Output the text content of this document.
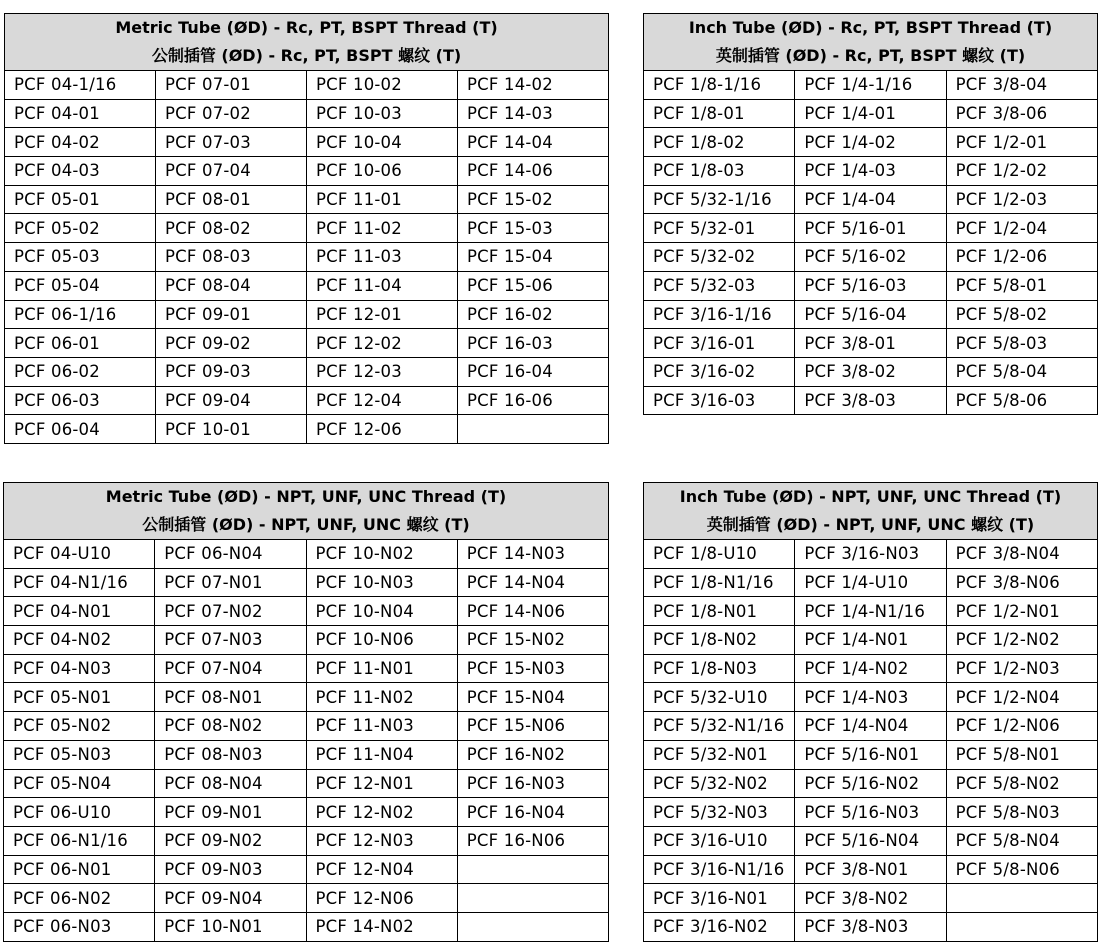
Metric Tube (ØD) - Rc, PT, BSPT Thread (T)
公制插管 (ØD) - Rc, PT, BSPT 螺纹 (T)			

PCF 04-1/16	PCF 07-01	PCF 10-02	PCF 14-02
PCF 04-01	PCF 07-02	PCF 10-03	PCF 14-03
PCF 04-02	PCF 07-03	PCF 10-04	PCF 14-04
PCF 04-03	PCF 07-04	PCF 10-06	PCF 14-06
PCF 05-01	PCF 08-01	PCF 11-01	PCF 15-02
PCF 05-02	PCF 08-02	PCF 11-02	PCF 15-03
PCF 05-03	PCF 08-03	PCF 11-03	PCF 15-04
PCF 05-04	PCF 08-04	PCF 11-04	PCF 15-06
PCF 06-1/16	PCF 09-01	PCF 12-01	PCF 16-02
PCF 06-01	PCF 09-02	PCF 12-02	PCF 16-03
PCF 06-02	PCF 09-03	PCF 12-03	PCF 16-04
PCF 06-03	PCF 09-04	PCF 12-04	PCF 16-06
PCF 06-04	PCF 10-01	PCF 12-06	
Inch Tube (ØD) - Rc, PT, BSPT Thread (T)
英制插管 (ØD) - Rc, PT, BSPT 螺纹 (T)		

PCF 1/8-1/16	PCF 1/4-1/16	PCF 3/8-04
PCF 1/8-01	PCF 1/4-01	PCF 3/8-06
PCF 1/8-02	PCF 1/4-02	PCF 1/2-01
PCF 1/8-03	PCF 1/4-03	PCF 1/2-02
PCF 5/32-1/16	PCF 1/4-04	PCF 1/2-03
PCF 5/32-01	PCF 5/16-01	PCF 1/2-04
PCF 5/32-02	PCF 5/16-02	PCF 1/2-06
PCF 5/32-03	PCF 5/16-03	PCF 5/8-01
PCF 3/16-1/16	PCF 5/16-04	PCF 5/8-02
PCF 3/16-01	PCF 3/8-01	PCF 5/8-03
PCF 3/16-02	PCF 3/8-02	PCF 5/8-04
PCF 3/16-03	PCF 3/8-03	PCF 5/8-06
Metric Tube (ØD) - NPT, UNF, UNC Thread (T)
公制插管 (ØD) - NPT, UNF, UNC 螺纹 (T)			

PCF 04-U10	PCF 06-N04	PCF 10-N02	PCF 14-N03
PCF 04-N1/16	PCF 07-N01	PCF 10-N03	PCF 14-N04
PCF 04-N01	PCF 07-N02	PCF 10-N04	PCF 14-N06
PCF 04-N02	PCF 07-N03	PCF 10-N06	PCF 15-N02
PCF 04-N03	PCF 07-N04	PCF 11-N01	PCF 15-N03
PCF 05-N01	PCF 08-N01	PCF 11-N02	PCF 15-N04
PCF 05-N02	PCF 08-N02	PCF 11-N03	PCF 15-N06
PCF 05-N03	PCF 08-N03	PCF 11-N04	PCF 16-N02
PCF 05-N04	PCF 08-N04	PCF 12-N01	PCF 16-N03
PCF 06-U10	PCF 09-N01	PCF 12-N02	PCF 16-N04
PCF 06-N1/16	PCF 09-N02	PCF 12-N03	PCF 16-N06
PCF 06-N01	PCF 09-N03	PCF 12-N04	
PCF 06-N02	PCF 09-N04	PCF 12-N06	
PCF 06-N03	PCF 10-N01	PCF 14-N02	
Inch Tube (ØD) - NPT, UNF, UNC Thread (T)
英制插管 (ØD) - NPT, UNF, UNC 螺纹 (T)		

PCF 1/8-U10	PCF 3/16-N03	PCF 3/8-N04
PCF 1/8-N1/16	PCF 1/4-U10	PCF 3/8-N06
PCF 1/8-N01	PCF 1/4-N1/16	PCF 1/2-N01
PCF 1/8-N02	PCF 1/4-N01	PCF 1/2-N02
PCF 1/8-N03	PCF 1/4-N02	PCF 1/2-N03
PCF 5/32-U10	PCF 1/4-N03	PCF 1/2-N04
PCF 5/32-N1/16	PCF 1/4-N04	PCF 1/2-N06
PCF 5/32-N01	PCF 5/16-N01	PCF 5/8-N01
PCF 5/32-N02	PCF 5/16-N02	PCF 5/8-N02
PCF 5/32-N03	PCF 5/16-N03	PCF 5/8-N03
PCF 3/16-U10	PCF 5/16-N04	PCF 5/8-N04
PCF 3/16-N1/16	PCF 3/8-N01	PCF 5/8-N06
PCF 3/16-N01	PCF 3/8-N02	
PCF 3/16-N02	PCF 3/8-N03	
